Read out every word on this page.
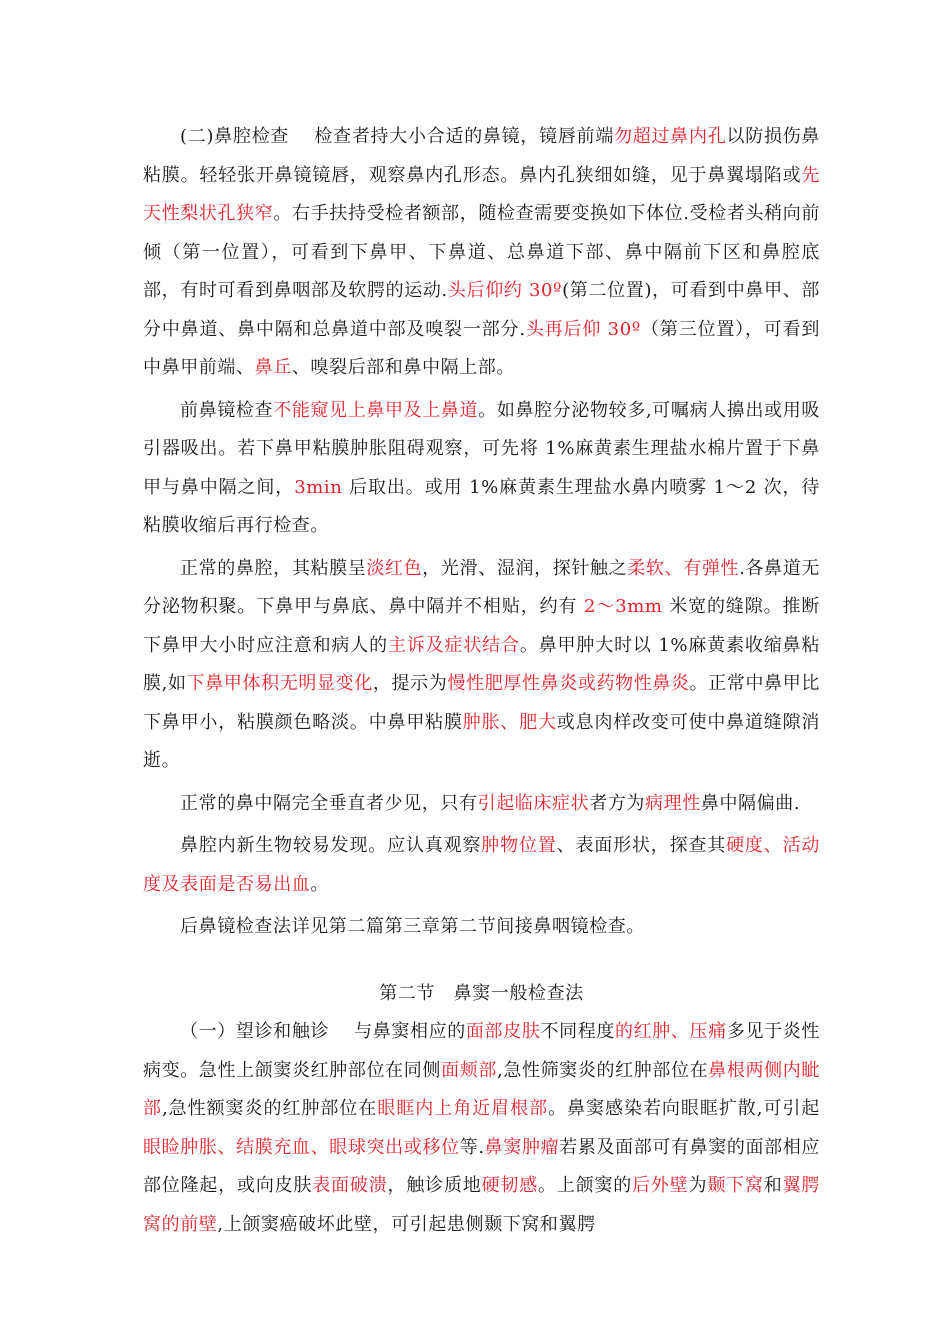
(二)鼻腔检查　 检查者持大小合适的鼻镜，镜唇前端勿超过鼻内孔以防损伤鼻粘膜。轻轻张开鼻镜镜唇，观察鼻内孔形态。鼻内孔狭细如缝，见于鼻翼塌陷或先天性梨状孔狭窄。右手扶持受检者额部，随检查需要变换如下体位.受检者头稍向前倾（第一位置），可看到下鼻甲、下鼻道、总鼻道下部、鼻中隔前下区和鼻腔底部，有时可看到鼻咽部及软腭的运动.头后仰约 30º(第二位置)，可看到中鼻甲、部分中鼻道、鼻中隔和总鼻道中部及嗅裂一部分.头再后仰 30º（第三位置），可看到中鼻甲前端、鼻丘、嗅裂后部和鼻中隔上部。

前鼻镜检查不能窥见上鼻甲及上鼻道。如鼻腔分泌物较多,可嘱病人擤出或用吸引器吸出。若下鼻甲粘膜肿胀阻碍观察，可先将 1%麻黄素生理盐水棉片置于下鼻甲与鼻中隔之间，3min 后取出。或用 1%麻黄素生理盐水鼻内喷雾 1～2 次，待粘膜收缩后再行检查。

正常的鼻腔，其粘膜呈淡红色，光滑、湿润，探针触之柔软、有弹性.各鼻道无分泌物积聚。下鼻甲与鼻底、鼻中隔并不相贴，约有 2～3mm 米宽的缝隙。推断下鼻甲大小时应注意和病人的主诉及症状结合。鼻甲肿大时以 1%麻黄素收缩鼻粘膜,如下鼻甲体积无明显变化，提示为慢性肥厚性鼻炎或药物性鼻炎。正常中鼻甲比下鼻甲小，粘膜颜色略淡。中鼻甲粘膜肿胀、肥大或息肉样改变可使中鼻道缝隙消逝。

正常的鼻中隔完全垂直者少见，只有引起临床症状者方为病理性鼻中隔偏曲.

鼻腔内新生物较易发现。应认真观察肿物位置、表面形状，探查其硬度、活动度及表面是否易出血。

后鼻镜检查法详见第二篇第三章第二节间接鼻咽镜检查。

第二节　鼻窦一般检查法

（一）望诊和触诊　 与鼻窦相应的面部皮肤不同程度的红肿、压痛多见于炎性病变。急性上颌窦炎红肿部位在同侧面颊部,急性筛窦炎的红肿部位在鼻根两侧内眦部,急性额窦炎的红肿部位在眼眶内上角近眉根部。鼻窦感染若向眼眶扩散,可引起眼睑肿胀、结膜充血、眼球突出或移位等.鼻窦肿瘤若累及面部可有鼻窦的面部相应部位隆起，或向皮肤表面破溃，触诊质地硬韧感。上颌窦的后外壁为颞下窝和翼腭窝的前壁,上颌窦癌破坏此壁，可引起患侧颞下窝和翼腭
